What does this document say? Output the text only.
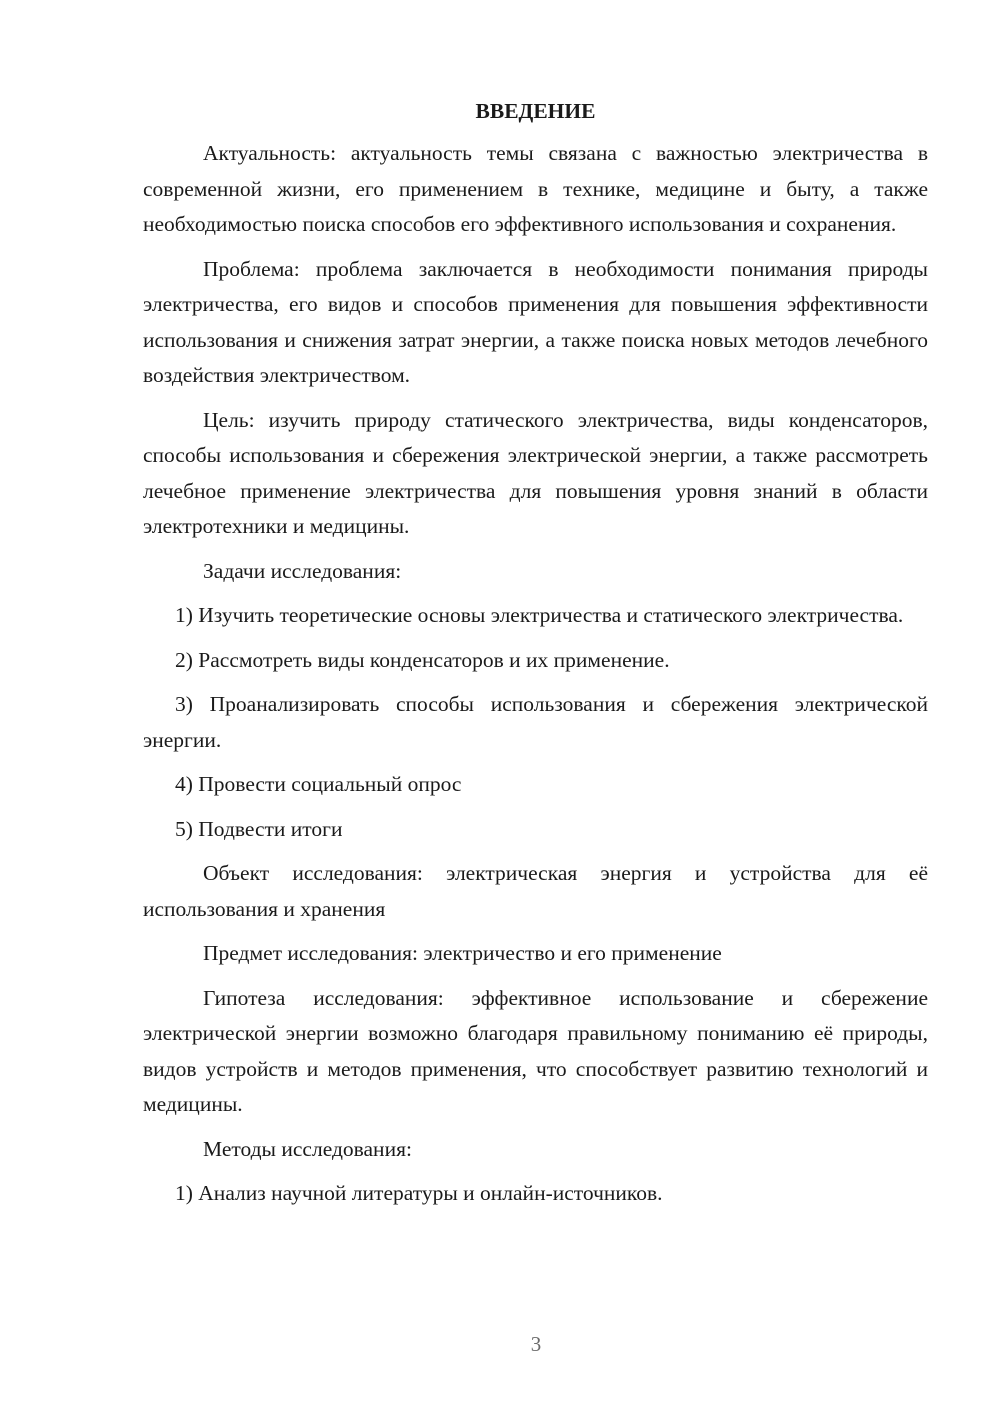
ВВЕДЕНИЕ

Актуальность: актуальность темы связана с важностью электричества в современной жизни, его применением в технике, медицине и быту, а также необходимостью поиска способов его эффективного использования и сохранения.

Проблема: проблема заключается в необходимости понимания природы электричества, его видов и способов применения для повышения эффективности использования и снижения затрат энергии, а также поиска новых методов лечебного воздействия электричеством.

Цель: изучить природу статического электричества, виды конденсаторов, способы использования и сбережения электрической энергии, а также рассмотреть лечебное применение электричества для повышения уровня знаний в области электротехники и медицины.

Задачи исследования:

1) Изучить теоретические основы электричества и статического электричества.

2) Рассмотреть виды конденсаторов и их применение.

3) Проанализировать способы использования и сбережения электрической энергии.

4) Провести социальный опрос

5) Подвести итоги

Объект исследования: электрическая энергия и устройства для её использования и хранения

Предмет исследования: электричество и его применение

Гипотеза исследования: эффективное использование и сбережение электрической энергии возможно благодаря правильному пониманию её природы, видов устройств и методов применения, что способствует развитию технологий и медицины.

Методы исследования:

1) Анализ научной литературы и онлайн-источников.

3
